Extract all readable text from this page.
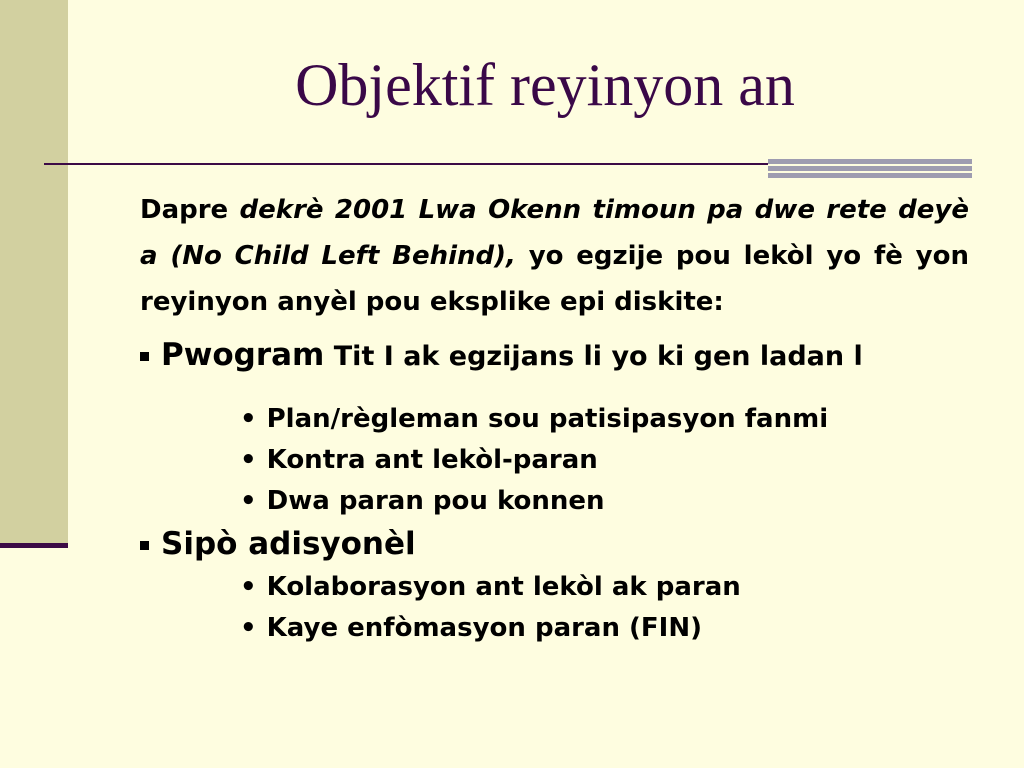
Objektif reyinyon an

Dapre dekrè 2001 Lwa Okenn timoun pa dwe rete deyè a (No Child Left Behind), yo egzije pou lekòl yo fè yon reyinyon anyèl pou eksplike epi diskite:

Pwogram Tit I ak egzijans li yo ki gen ladan l
• Plan/règleman sou patisipasyon fanmi
• Kontra ant lekòl-paran
• Dwa paran pou konnen
Sipò adisyonèl
• Kolaborasyon ant lekòl ak paran
• Kaye enfòmasyon paran (FIN)
